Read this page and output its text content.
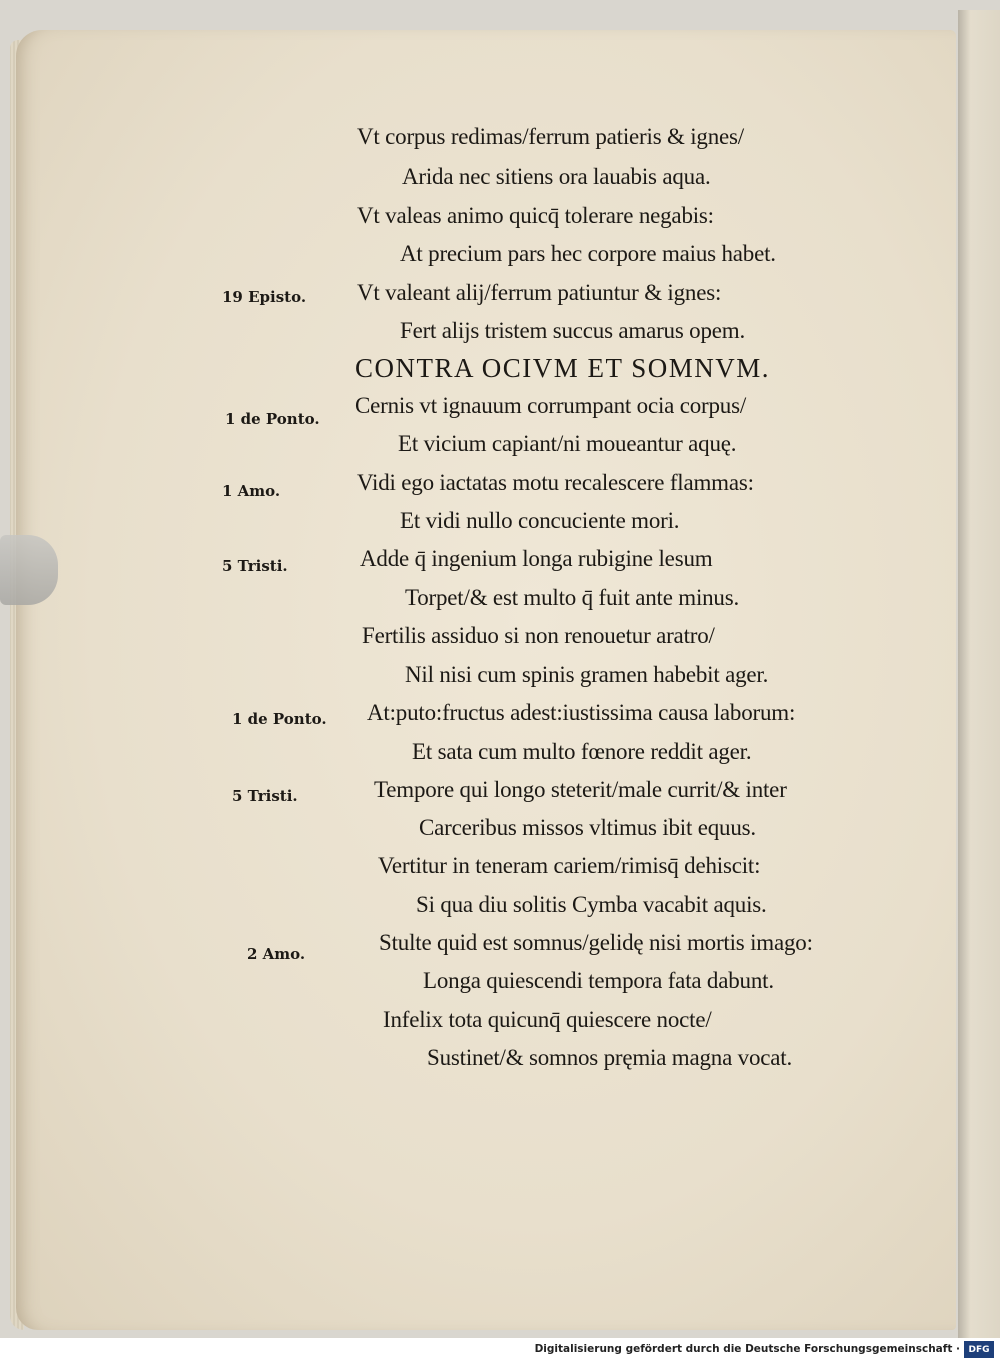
Vt corpus redimas/ferrum patieris & ignes/
Arida nec sitiens ora lauabis aqua.
Vt valeas animo quicq̄ tolerare negabis:
At precium pars hec corpore maius habet.
Vt valeant alij/ferrum patiuntur & ignes:
Fert alijs tristem succus amarus opem.
CONTRA OCIVM ET SOMNVM.
Cernis vt ignauum corrumpant ocia corpus/
Et vicium capiant/ni moueantur aquę.
Vidi ego iactatas motu recalescere flammas:
Et vidi nullo concuciente mori.
Adde q̄ ingenium longa rubigine lesum
Torpet/& est multo q̄ fuit ante minus.
Fertilis assiduo si non renouetur aratro/
Nil nisi cum spinis gramen habebit ager.
At:puto:fructus adest:iustissima causa laborum:
Et sata cum multo fœnore reddit ager.
Tempore qui longo steterit/male currit/& inter
Carceribus missos vltimus ibit equus.
Vertitur in teneram cariem/rimisq̄ dehiscit:
Si qua diu solitis Cymba vacabit aquis.
Stulte quid est somnus/gelidę nisi mortis imago:
Longa quiescendi tempora fata dabunt.
Infelix tota quicunq̄ quiescere nocte/
Sustinet/& somnos pręmia magna vocat.
19 Episto.
1 de Ponto.
1 Amo.
5 Tristi.
1 de Ponto.
5 Tristi.
2 Amo.
Digitalisierung gefördert durch die Deutsche Forschungsgemeinschaft · DFG
